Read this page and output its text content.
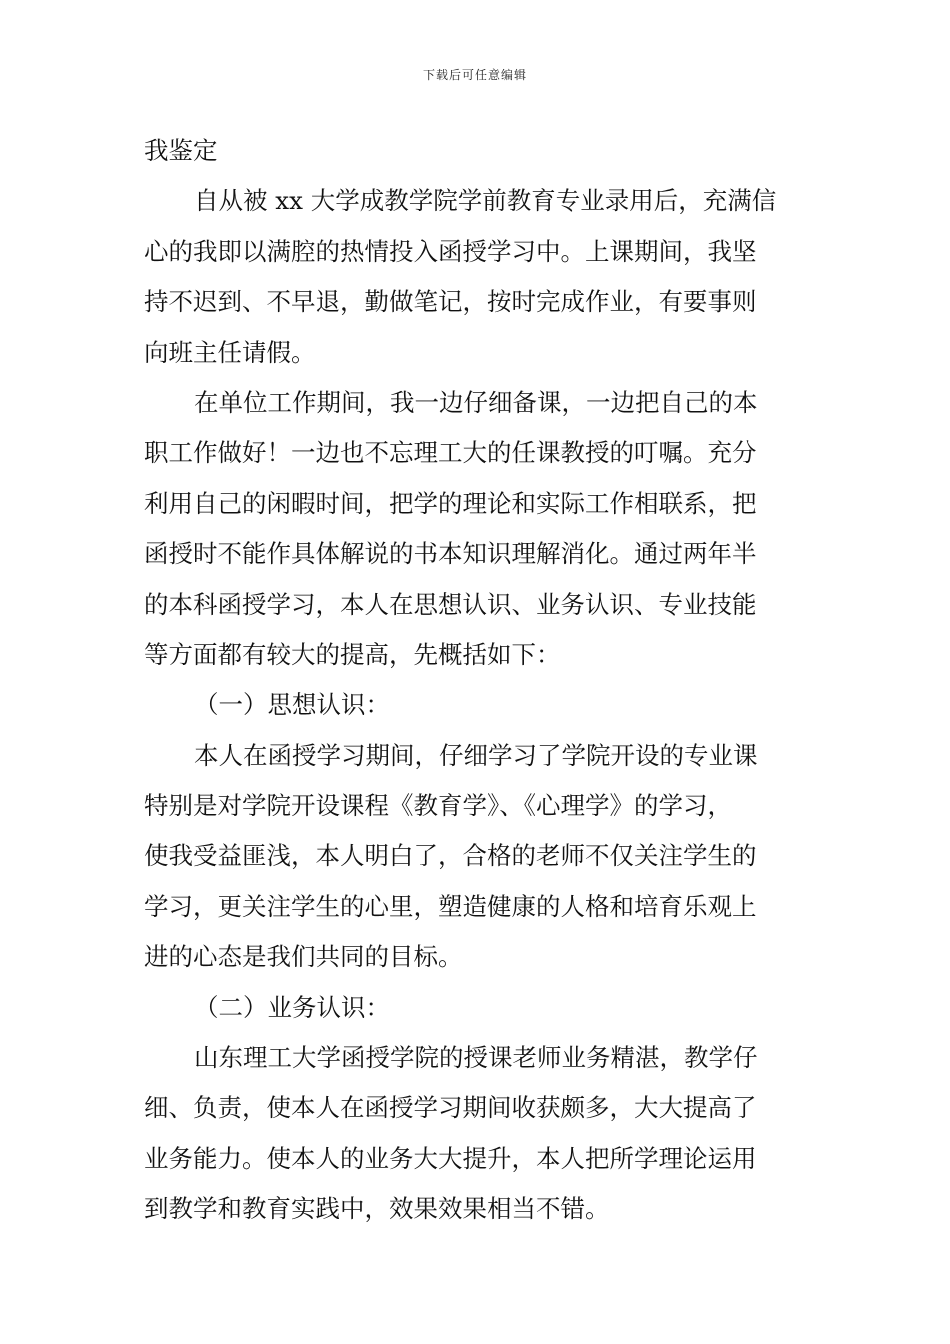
下载后可任意编辑
我鉴定
自从被 xx 大学成教学院学前教育专业录用后，充满信
心的我即以满腔的热情投入函授学习中。上课期间，我坚
持不迟到、不早退，勤做笔记，按时完成作业，有要事则
向班主任请假。
在单位工作期间，我一边仔细备课，一边把自己的本
职工作做好！一边也不忘理工大的任课教授的叮嘱。充分
利用自己的闲暇时间，把学的理论和实际工作相联系，把
函授时不能作具体解说的书本知识理解消化。通过两年半
的本科函授学习，本人在思想认识、业务认识、专业技能
等方面都有较大的提高，先概括如下：
（一）思想认识：
本人在函授学习期间，仔细学习了学院开设的专业课
特别是对学院开设课程《教育学》、《心理学》的学习，
使我受益匪浅，本人明白了，合格的老师不仅关注学生的
学习，更关注学生的心里，塑造健康的人格和培育乐观上
进的心态是我们共同的目标。
（二）业务认识：
山东理工大学函授学院的授课老师业务精湛，教学仔
细、负责，使本人在函授学习期间收获颇多，大大提高了
业务能力。使本人的业务大大提升，本人把所学理论运用
到教学和教育实践中，效果效果相当不错。
